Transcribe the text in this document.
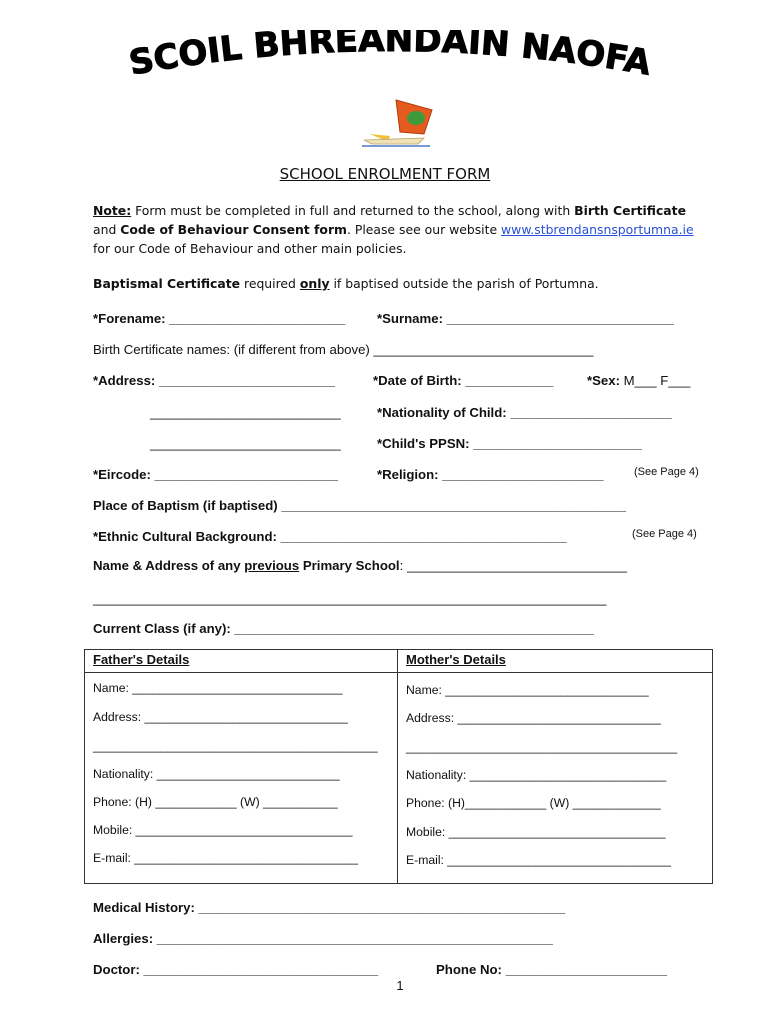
SCOIL BHREANDÁIN NAOFA
SCHOOL ENROLMENT FORM
Note: Form must be completed in full and returned to the school, along with Birth Certificate
and Code of Behaviour Consent form. Please see our website www.stbrendansnsportumna.ie
for our Code of Behaviour and other main policies.
Baptismal Certificate required only if baptised outside the parish of Portumna.
*Forename: ________________________ *Surname: _______________________________
Birth Certificate names: (if different from above) ______________________________
*Address: ________________________	*Date of Birth: ____________	*Sex: M___ F___
__________________________	*Nationality of Child: ______________________
__________________________	*Child's PPSN: _______________________
*Eircode: _________________________	*Religion: ______________________	(See Page 4)
Place of Baptism (if baptised) _______________________________________________
*Ethnic Cultural Background: _______________________________________	(See Page 4)
Name & Address of any previous Primary School: ______________________________
______________________________________________________________________
Current Class (if any): _________________________________________________
Father's Details	Mother's Details
Name: _______________________________	Name: ______________________________
Address: ______________________________	Address: ______________________________
__________________________________________ ________________________________________
Nationality: ___________________________	Nationality: _____________________________
Phone: (H) ____________ (W) ___________	Phone: (H)____________ (W) _____________
Mobile: ________________________________	Mobile: ________________________________
E-mail: _________________________________	E-mail: _________________________________
Medical History: __________________________________________________
Allergies: ______________________________________________________
Doctor: ________________________________	Phone No: ______________________
1
